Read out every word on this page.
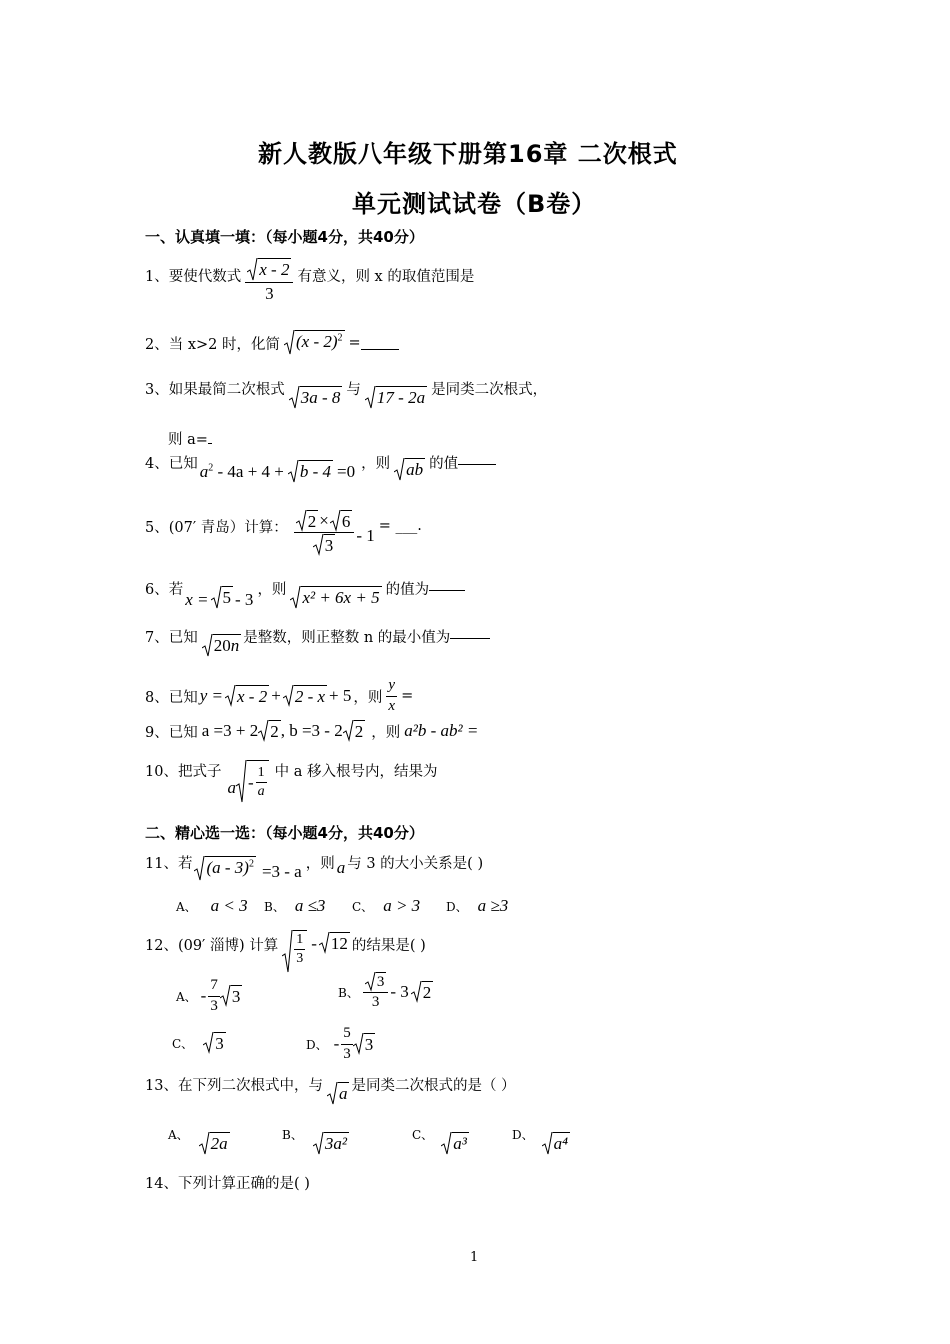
新人教版八年级下册第16章 二次根式
单元测试试卷（B卷）
一、认真填一填：（每小题4分，共40分）
1、要使代数式 $\frac{x - 2}{3}$ 有意义，则 x 的取值范围是
2、当 x>2 时，化简 (x - 2)$^2$ =
3、如果最简二次根式 3a - 8 与 17 - 2a 是同类二次根式，
则 a=
4、已知 $a^2 - 4a + 4 + b - 4 =0$ ，则 ab 的值
5、(07′ 青岛）计算： $\frac{2 \times 6}{3} - 1$ = ___.
6、若 x = 5 - 3 ，则 x² + 6x + 5 的值为
7、已知 20n 是整数，则正整数 n 的最小值为
8、已知 y = x - 2 + 2 - x + 5 ，则 $\frac{y}{x}$ =
9、已知 a =3 + 2 2 , b =3 - 2 2 ，则 a²b - ab² =
10、把式子
a - $\frac{1}{a}$ 中 a 移入根号内，结果为
二、精心选一选：（每小题4分，共40分）
11、若 (a - 3)$^2$ =3 - a ，则 a 与 3 的大小关系是( )
A、 a < 3 B、 a ≤3 C、 a > 3 D、 a ≥3
12、(09′ 淄博) 计算 $\frac{1}{3} - 12$ 的结果是( )
A、 - $\frac{7}{3} 3$	B、 $\frac{3}{3} - 3$ 2
C、 3	D、 - $\frac{5}{3} 3$
13、在下列二次根式中，与 a 是同类二次根式的是（ ）
A、 2a	B、 3a²	C、 a³	D、 a⁴
14、下列计算正确的是( )
1
